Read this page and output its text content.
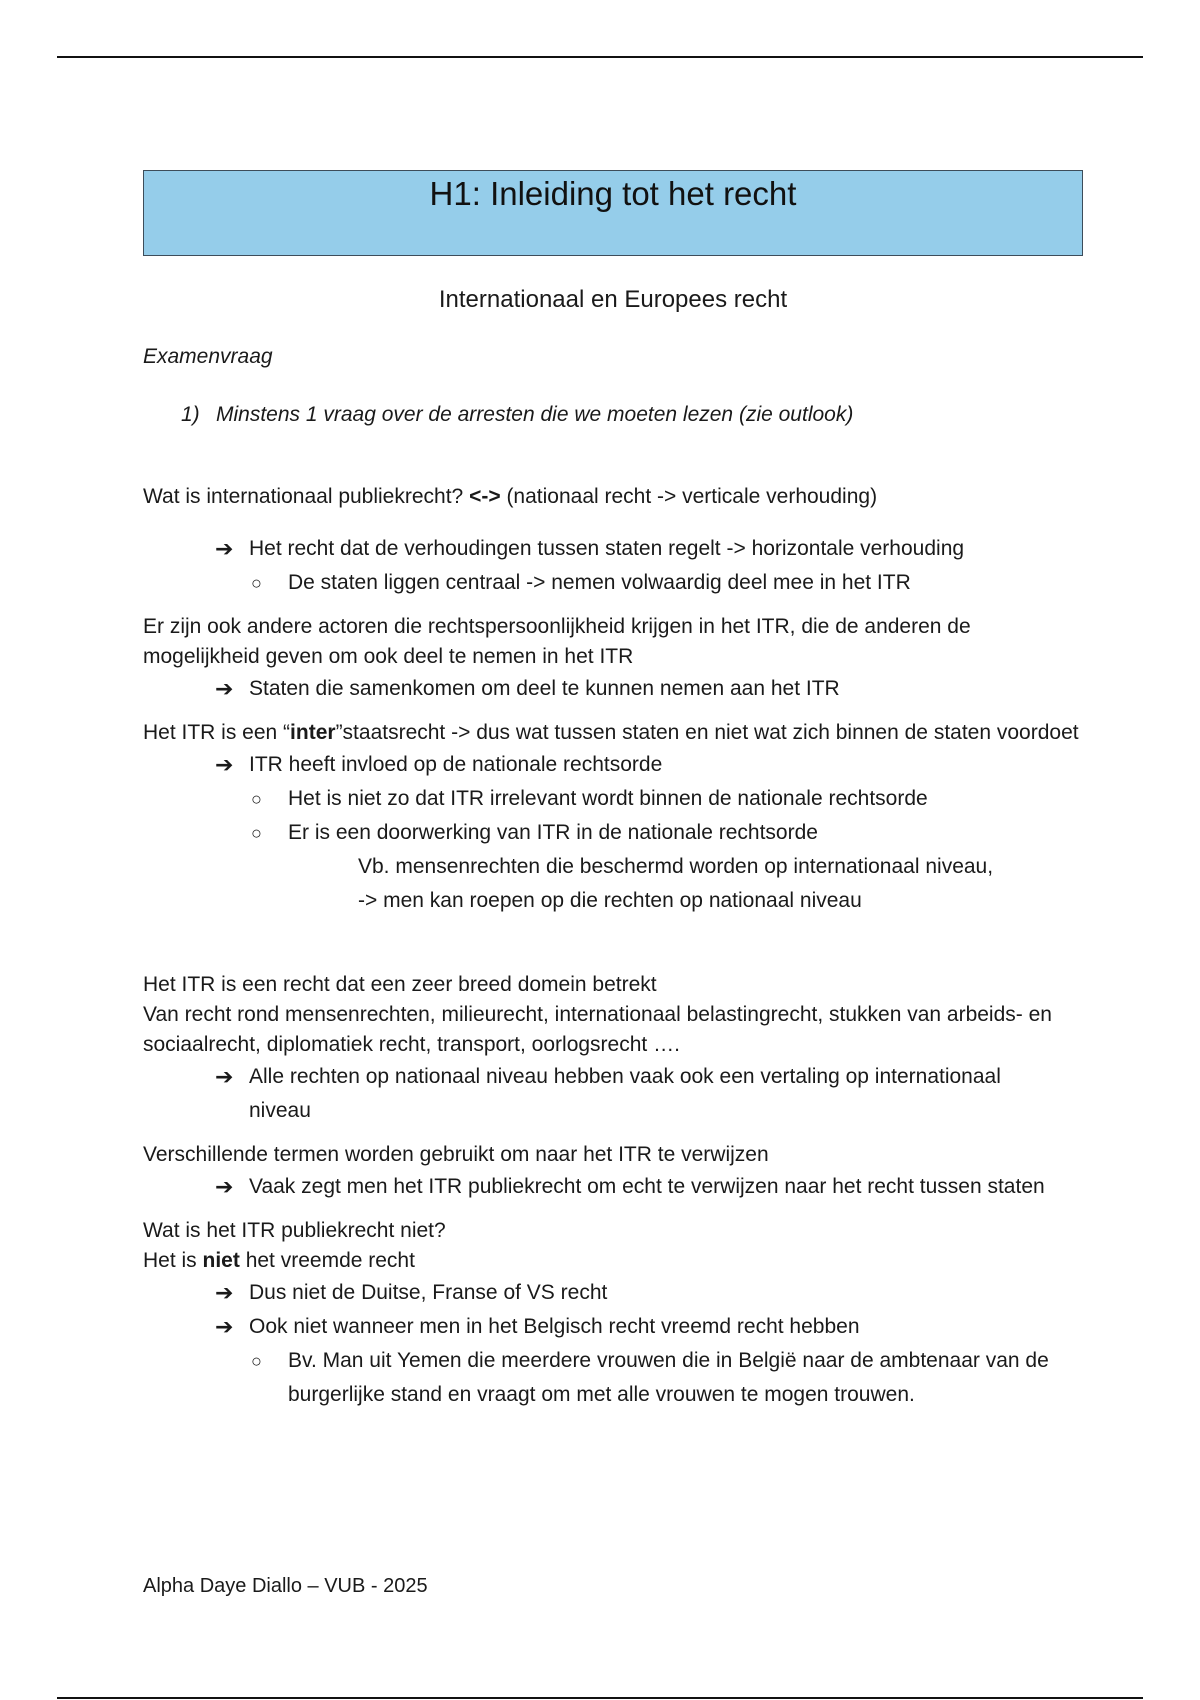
H1: Inleiding tot het recht
Internationaal en Europees recht

Examenvraag

1) Minstens 1 vraag over de arresten die we moeten lezen (zie outlook)

Wat is internationaal publiekrecht? <-> (nationaal recht -> verticale verhouding)

➔ Het recht dat de verhoudingen tussen staten regelt -> horizontale verhouding
○	De staten liggen centraal -> nemen volwaardig deel mee in het ITR

Er zijn ook andere actoren die rechtspersoonlijkheid krijgen in het ITR, die de anderen de mogelijkheid geven om ook deel te nemen in het ITR

➔ Staten die samenkomen om deel te kunnen nemen aan het ITR

Het ITR is een “inter”staatsrecht -> dus wat tussen staten en niet wat zich binnen de staten voordoet

➔ ITR heeft invloed op de nationale rechtsorde
○	Het is niet zo dat ITR irrelevant wordt binnen de nationale rechtsorde
○	Er is een doorwerking van ITR in de nationale rechtsorde
Vb. mensenrechten die beschermd worden op internationaal niveau, -> men kan roepen op die rechten op nationaal niveau

Het ITR is een recht dat een zeer breed domein betrekt

Van recht rond mensenrechten, milieurecht, internationaal belastingrecht, stukken van arbeids- en sociaalrecht, diplomatiek recht, transport, oorlogsrecht ….

➔ Alle rechten op nationaal niveau hebben vaak ook een vertaling op internationaal niveau

Verschillende termen worden gebruikt om naar het ITR te verwijzen

➔ Vaak zegt men het ITR publiekrecht om echt te verwijzen naar het recht tussen staten

Wat is het ITR publiekrecht niet?

Het is niet het vreemde recht

➔ Dus niet de Duitse, Franse of VS recht
➔ Ook niet wanneer men in het Belgisch recht vreemd recht hebben
○	Bv. Man uit Yemen die meerdere vrouwen die in België naar de ambtenaar van de burgerlijke stand en vraagt om met alle vrouwen te mogen trouwen.
Alpha Daye Diallo – VUB - 2025
